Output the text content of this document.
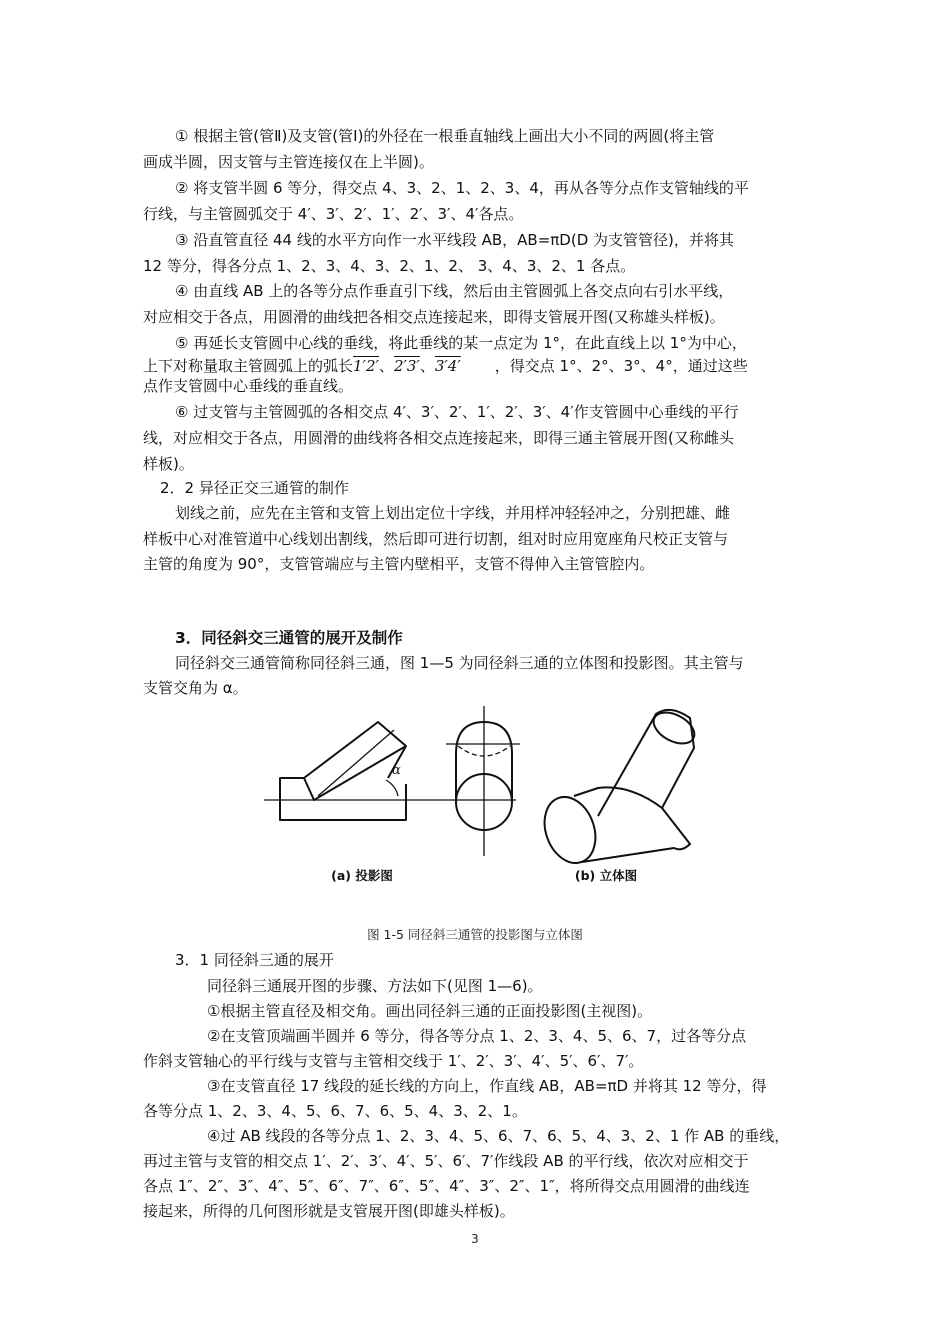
① 根据主管(管Ⅱ)及支管(管Ⅰ)的外径在一根垂直轴线上画出大小不同的两圆(将主管
画成半圆，因支管与主管连接仅在上半圆)。
② 将支管半圆 6 等分，得交点 4、3、2、1、2、3、4，再从各等分点作支管轴线的平
行线，与主管圆弧交于 4′、3′、2′、1′、2′、3′、4′各点。
③ 沿直管直径 44 线的水平方向作一水平线段 AB，AB=πD(D 为支管管径)，并将其
12 等分，得各分点 1、2、3、4、3、2、1、2、 3、4、3、2、1 各点。
④ 由直线 AB 上的各等分点作垂直引下线，然后由主管圆弧上各交点向右引水平线，
对应相交于各点，用圆滑的曲线把各相交点连接起来，即得支管展开图(又称雄头样板)。
⑤ 再延长支管圆中心线的垂线，将此垂线的某一点定为 1°，在此直线上以 1°为中心，
上下对称量取主管圆弧上的弧长1′2′、2′3′、3′4′ ，得交点 1°、2°、3°、4°，通过这些
点作支管圆中心垂线的垂直线。
⑥ 过支管与主管圆弧的各相交点 4′、3′、2′、1′、2′、3′、4′作支管圆中心垂线的平行
线，对应相交于各点，用圆滑的曲线将各相交点连接起来，即得三通主管展开图(又称雌头
样板)。
2．2 异径正交三通管的制作
划线之前，应先在主管和支管上划出定位十字线，并用样冲轻轻冲之，分别把雄、雌
样板中心对准管道中心线划出割线，然后即可进行切割，组对时应用宽座角尺校正支管与
主管的角度为 90°，支管管端应与主管内壁相平，支管不得伸入主管管腔内。
3．同径斜交三通管的展开及制作
同径斜交三通管简称同径斜三通，图 1—5 为同径斜三通的立体图和投影图。其主管与
支管交角为 α。
α
(a) 投影图	(b) 立体图
图 1-5 同径斜三通管的投影图与立体图
3．1 同径斜三通的展开
同径斜三通展开图的步骤、方法如下(见图 1—6)。
①根据主管直径及相交角。画出同径斜三通的正面投影图(主视图)。
②在支管顶端画半圆并 6 等分，得各等分点 1、2、3、4、5、6、7，过各等分点
作斜支管轴心的平行线与支管与主管相交线于 1′、2′、3′、4′、5′、6′、7′。
③在支管直径 17 线段的延长线的方向上，作直线 AB，AB=πD 并将其 12 等分，得
各等分点 1、2、3、4、5、6、7、6、5、4、3、2、1。
④过 AB 线段的各等分点 1、2、3、4、5、6、7、6、5、4、3、2、1 作 AB 的垂线，
再过主管与支管的相交点 1′、2′、3′、4′、5′、6′、7′作线段 AB 的平行线，依次对应相交于
各点 1″、2″、3″、4″、5″、6″、7″、6″、5″、4″、3″、2″、1″，将所得交点用圆滑的曲线连
接起来，所得的几何图形就是支管展开图(即雄头样板)。
3
